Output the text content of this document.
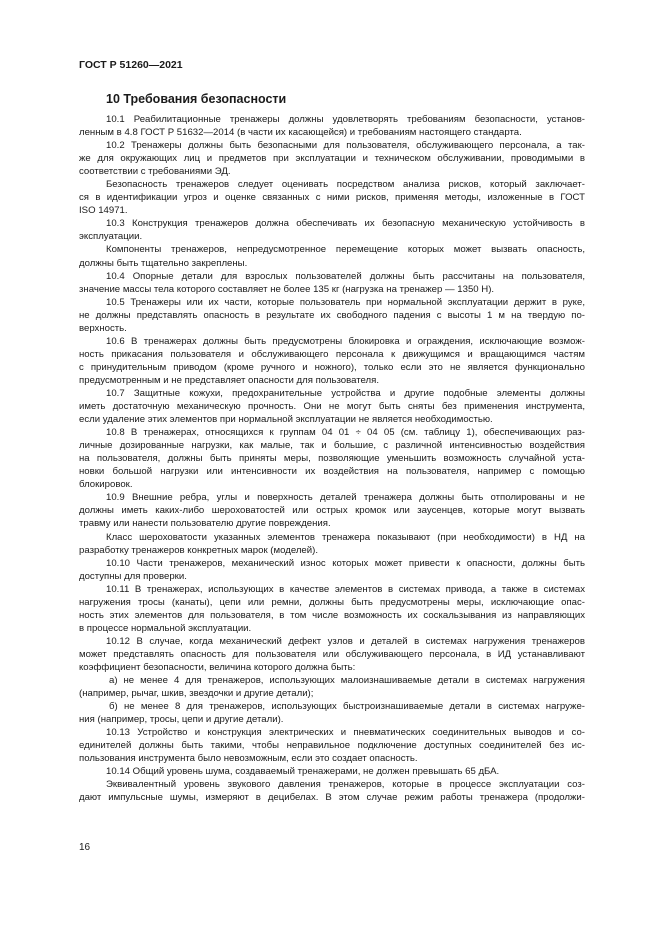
ГОСТ Р 51260—2021
10 Требования безопасности
10.1 Реабилитационные тренажеры должны удовлетворять требованиям безопасности, установ-
ленным в 4.8 ГОСТ Р 51632—2014 (в части их касающейся) и требованиям настоящего стандарта.
10.2 Тренажеры должны быть безопасными для пользователя, обслуживающего персонала, а так-
же для окружающих лиц и предметов при эксплуатации и техническом обслуживании, проводимыми в
соответствии с требованиями ЭД.
Безопасность тренажеров следует оценивать посредством анализа рисков, который заключает-
ся в идентификации угроз и оценке связанных с ними рисков, применяя методы, изложенные в ГОСТ
ISO 14971.
10.3 Конструкция тренажеров должна обеспечивать их безопасную механическую устойчивость в
эксплуатации.
Компоненты тренажеров, непредусмотренное перемещение которых может вызвать опасность,
должны быть тщательно закреплены.
10.4 Опорные детали для взрослых пользователей должны быть рассчитаны на пользователя,
значение массы тела которого составляет не более 135 кг (нагрузка на тренажер — 1350 Н).
10.5 Тренажеры или их части, которые пользователь при нормальной эксплуатации держит в руке,
не должны представлять опасность в результате их свободного падения с высоты 1 м на твердую по-
верхность.
10.6 В тренажерах должны быть предусмотрены блокировка и ограждения, исключающие возмож-
ность прикасания пользователя и обслуживающего персонала к движущимся и вращающимся частям
с принудительным приводом (кроме ручного и ножного), только если это не является функционально
предусмотренным и не представляет опасности для пользователя.
10.7 Защитные кожухи, предохранительные устройства и другие подобные элементы должны
иметь достаточную механическую прочность. Они не могут быть сняты без применения инструмента,
если удаление этих элементов при нормальной эксплуатации не является необходимостью.
10.8 В тренажерах, относящихся к группам 04 01 ÷ 04 05 (см. таблицу 1), обеспечивающих раз-
личные дозированные нагрузки, как малые, так и большие, с различной интенсивностью воздействия
на пользователя, должны быть приняты меры, позволяющие уменьшить возможность случайной уста-
новки большой нагрузки или интенсивности их воздействия на пользователя, например с помощью
блокировок.
10.9 Внешние ребра, углы и поверхность деталей тренажера должны быть отполированы и не
должны иметь каких-либо шероховатостей или острых кромок или заусенцев, которые могут вызвать
травму или нанести пользователю другие повреждения.
Класс шероховатости указанных элементов тренажера показывают (при необходимости) в НД на
разработку тренажеров конкретных марок (моделей).
10.10 Части тренажеров, механический износ которых может привести к опасности, должны быть
доступны для проверки.
10.11 В тренажерах, использующих в качестве элементов в системах привода, а также в системах
нагружения тросы (канаты), цепи или ремни, должны быть предусмотрены меры, исключающие опас-
ность этих элементов для пользователя, в том числе возможность их соскальзывания из направляющих
в процессе нормальной эксплуатации.
10.12 В случае, когда механический дефект узлов и деталей в системах нагружения тренажеров
может представлять опасность для пользователя или обслуживающего персонала, в ИД устанавливают
коэффициент безопасности, величина которого должна быть:
а) не менее 4 для тренажеров, использующих малоизнашиваемые детали в системах нагружения
(например, рычаг, шкив, звездочки и другие детали);
б) не менее 8 для тренажеров, использующих быстроизнашиваемые детали в системах нагруже-
ния (например, тросы, цепи и другие детали).
10.13 Устройство и конструкция электрических и пневматических соединительных выводов и со-
единителей должны быть такими, чтобы неправильное подключение доступных соединителей без ис-
пользования инструмента было невозможным, если это создает опасность.
10.14 Общий уровень шума, создаваемый тренажерами, не должен превышать 65 дБА.
Эквивалентный уровень звукового давления тренажеров, которые в процессе эксплуатации соз-
дают импульсные шумы, измеряют в децибелах. В этом случае режим работы тренажера (продолжи-
16
